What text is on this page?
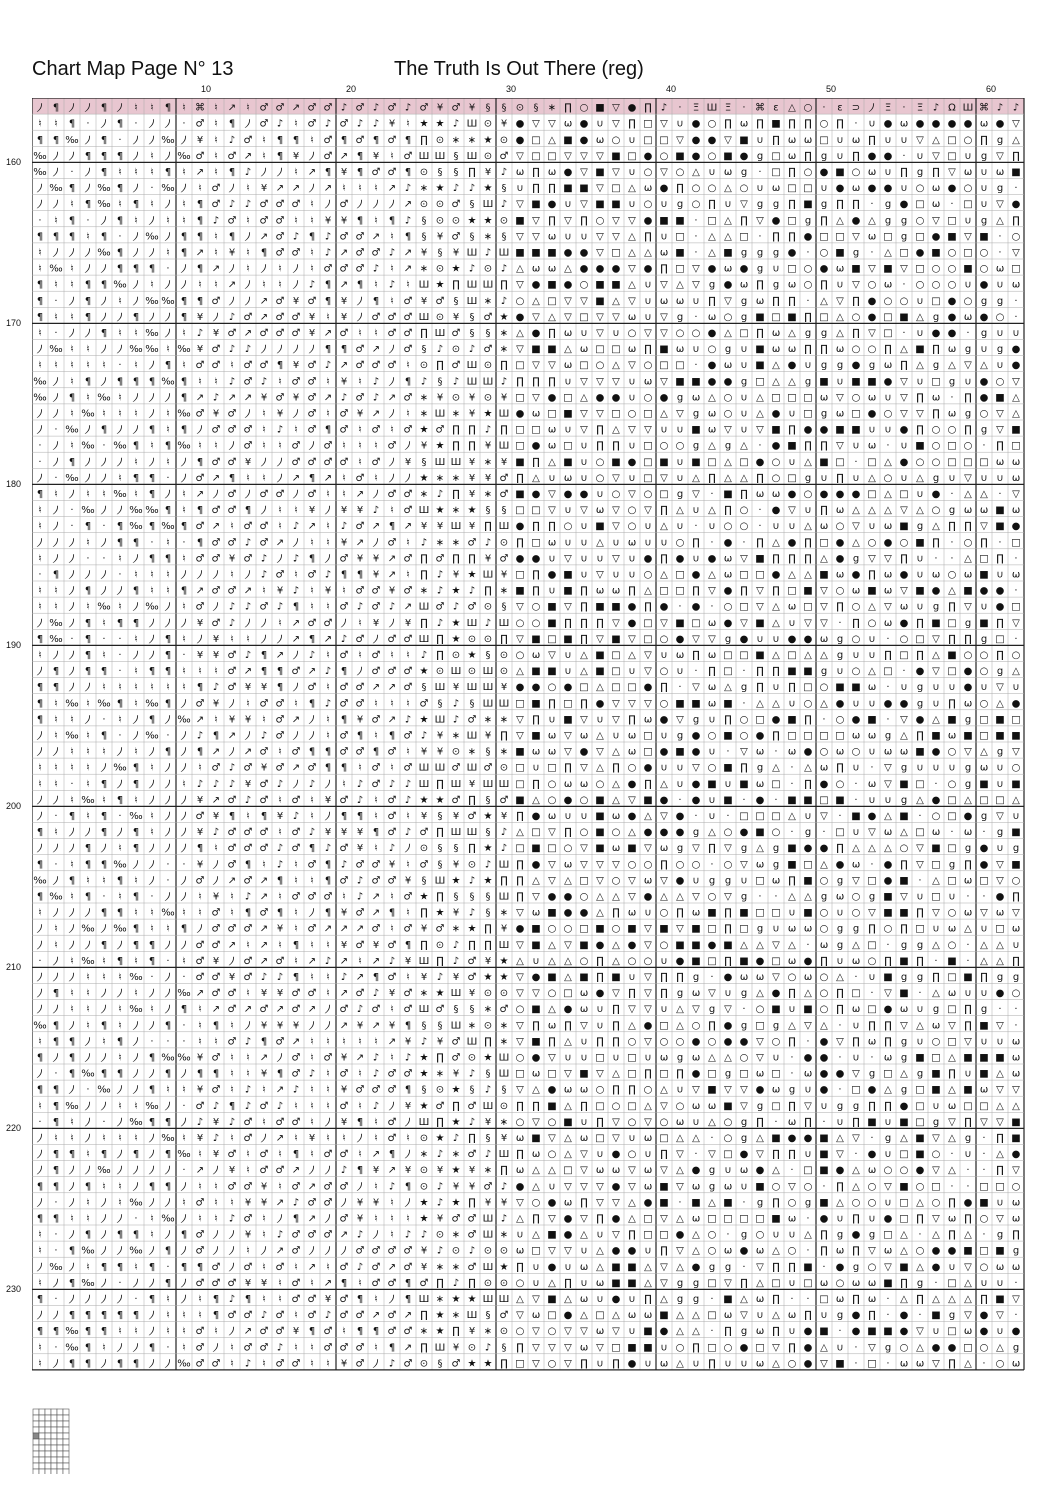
Chart Map Page N° 13	The Truth Is Out There (reg)
10	20	30	40	50	60
160
170
180
190
200
210
220
230
⵰ ¶ ⵰ ⵰ ¶ ⵰ ♮ ♮ ¶ ♮ ⌘ ♮ ↗ ♮ ♂ ♂ ↗ ♂ ♂ ♪ ♂ ♪ ♂ ♪ ♂ ¥ ♂ ¥ § § ⊙ § ∗ ∏ ○ ■ ▽ ● ∏ ♪ · Ξ Ш Ξ · ⌘ ε △ ○ · ε ⊃ ⵰ Ξ · Ξ ♪ Ω Ш ⌘ ♪ ♪
♮ ♮ ¶ · ⵰ ¶ · ⵰ ⵰ · ♂ ♮ ¶ ⵰ ♂ ♪ ♮ ♂ ♪ ♂ ♪ ♪ ¥ ♮ ★ ★ ♪ Ш ⊙ ¥ ● ▽ ▽ ω ● ∪ ▽ ∏ □ ▽ ∪ ● ○ ∏ ω ∏ ■ ∏ ∏ ○ ∏ · ∪ ● ω ● ● ● ● ω ● ▽
¶ ¶ ‰ ⵰ ¶ · ⵰ ⵰ ‰ ⵰ ¥ ♮ ♪ ♂ ♮ ¶ ¶ ♮ ♂ ¶ ♂ ¶ ♂ ¶ ∏ ⊙ ∗ ∗ ★ ⊙ ● □ △ ■ ● ω ○ ∪ □ □ ▽ ● ● ▽ ■ ∪ ∏ ω ω □ ∪ ω ∏ ∪ ∪ ▽ △ □ ○ ∏ g △
‰ ⵰ ⵰ ¶ ¶ ¶ ⵰ ♮ ⵰ ‰ ♂ ♮ ♂ ↗ ♮ ¶ ¥ ⵰ ♂ ↗ ¶ ¥ ♮ ♂ Ш Ш § Ш ⊙ ♂ ▽ □ □ ▽ ▽ ▽ ■ □ ● ○ ■ ● ○ ■ ● g □ ω ∏ g ∪ ∏ ● ● · ∪ ▽ □ ∪ g ▽ ∏
‰ ⵰ · ⵰ ¶ ♮ ♮ ♮ ¶ ♮ ↗ ♮ ¶ ♪ ⵰ ⵰ ♮ ↗ ¶ ¥ ¶ ♂ ♂ ¶ ⊙ § § ∏ ¥ ♪ ω ∏ ω ● ▽ ■ ▽ ∪ ○ ▽ ○ △ ∪ ω g · □ ∏ ○ ● ■ ○ ω ∪ ∏ g ∏ ▽ ω ∪ ω ■
⵰ ‰ ¶ ⵰ ‰ ¶ ⵰ · ‰ ⵰ ♮ ♂ ⵰ ♮ ¥ ↗ ↗ ⵰ ↗ ♮ ♮ ♮ ↗ ♪ ∗ ★ ♪ ♪ ★ § ∪ ∏ ∏ ■ ■ ▽ □ △ ω ● ∏ ○ ○ △ ○ ∪ ω □ □ ∪ ● ω ● ● ∪ ○ ω ● ○ ∪ g ·
⵰ ⵰ ♮ ¶ ‰ ♮ ¶ ♮ ⵰ ♮ ¶ ♂ ♪ ♪ ♂ ♂ ♂ ♮ ⵰ ♂ ⵰ ⵰ ⵰ ↗ ⊙ ⊙ ♂ § Ш ♪ ▽ ■ ● ∪ ▽ ■ ■ ∪ ○ ∪ g ○ ∏ ∪ ▽ g g ∏ ■ g ∏ ∏ · g ● □ ω · □ ∪ ▽ ●
· ♮ ¶ · ⵰ ¶ ♮ ⵰ ♮ ♮ ¶ ♪ ♂ ♮ ♂ ♂ ♮ ♮ ¥ ¥ ¶ ♮ ¶ ♪ § ⊙ ⊙ ★ ★ ⊙ ■ ▽ ∏ ▽ ∏ ○ ▽ ▽ ● ■ ■ · □ △ ∏ ▽ ● □ g ∏ △ ● △ g g ○ ▽ □ ∪ g △ ∏
¶ ¶ ¶ ♮ ¶ · ⵰ ‰ ⵰ ¶ ¶ ♮ ¶ ⵰ ↗ ♂ ♪ ¶ ♪ ♂ ♂ ↗ ♮ ¶ § ¥ ♂ § ∗ § ▽ ▽ ω ∪ ∪ ▽ ▽ △ ∏ ∪ □ · △ △ □ · ∏ ∏ ● □ □ ▽ ω □ g □ ● ■ ▽ ■ · ○
♮ ⵰ ⵰ ⵰ ‰ ¶ ⵰ ⵰ ♮ ¶ ↗ ♮ ¥ ♮ ¶ ♂ ♂ ♮ ♪ ↗ ♂ ♂ ♪ ↗ ¥ § ¥ Ш ♪ Ш ■ ■ ■ ● ● ▽ □ △ △ ω ■ · △ ■ g g g ● · ○ ■ g · △ □ ● ■ ○ □ ○ · ▽
♮ ‰ ♮ ⵰ ⵰ ¶ ¶ ¶ · ⵰ ¶ ↗ ⵰ ♮ ⵰ ♮ ⵰ ♮ ♂ ♂ ♂ ♪ ♮ ↗ ∗ ⊙ ★ ♪ ⊙ ♪ △ ω ω △ ● ● ● ▽ ● ∏ □ ▽ ● ω ● g ∪ □ ○ ● ω ■ ▽ ■ ▽ □ ○ ○ ■ ○ ω □
¶ ♮ ♮ ¶ ¶ ‰ ⵰ ♮ ⵰ ⵰ ♮ ♮ ↗ ⵰ ♮ ♮ ⵰ ♪ ¶ ↗ ¶ ♮ ♪ ♮ Ш ★ ∏ Ш Ш ∏ ▽ ● ■ ● ○ ■ ■ △ ∪ ▽ △ ▽ g ● ω ∏ g ω ○ ∏ ∪ ▽ ○ ω · ○ ○ ○ ∪ ● ∪ ω
¶ · ⵰ ¶ ⵰ ♮ ⵰ ‰ ‰ ¶ ¶ ♂ ⵰ ⵰ ↗ ♂ ¥ ♂ ¶ ¥ ⵰ ¶ ♮ ♂ ¥ ♂ § Ш ∗ ♪ ○ △ □ ▽ ▽ ■ △ ▽ ∪ ω ω ∪ ∏ ▽ g ω ∏ ∏ · △ ▽ ∏ ● ○ ○ ∪ □ ● ○ g g ·
¶ ♮ ♮ ¶ ⵰ ⵰ ¶ ⵰ ⵰ ¶ ¥ ⵰ ♪ ♂ ↗ ♂ ♂ ¥ ♮ ¥ ⵰ ♂ ♂ ♂ Ш ⊙ ¥ § ♂ ★ ● ▽ △ ▽ □ ▽ ▽ ω ∪ ▽ g · ω ○ g ■ □ ■ ∏ □ △ ○ ● □ ■ △ g ● ω ● ○ ·
♮ · ⵰ ⵰ ¶ ♮ ♮ ‰ ⵰ ♮ ♪ ¥ ♂ ↗ ♂ ♂ ♂ ¥ ↗ ♂ ♮ ♮ ♂ ♂ ∏ Ш ♂ § § ∗ △ ● ∏ ω ∪ ▽ ∪ ○ ▽ ▽ ○ ○ ● △ □ ∏ ω △ g g △ ∏ ▽ □ · ∪ ● ● · g ∪ ∪
⵰ ‰ ♮ ♮ ⵰ ⵰ ‰ ‰ ♮ ‰ ¥ ♂ ♪ ♪ ⵰ ⵰ ⵰ ⵰ ¶ ¶ ♂ ↗ ⵰ ♂ § ♪ ⊙ ♪ ♂ ∗ ▽ ■ ■ △ ω □ □ ω ∏ ■ ω ∪ ○ g ∪ ■ ω ω ∏ ∏ ω ○ ○ ∏ △ ■ ∏ ω g ∪ g ●
♮ ♮ ♮ ♮ ♮ · ♮ ⵰ ¶ ♮ ♂ ♂ ♮ ♂ ♂ ¶ ¥ ♂ ♪ ↗ ♂ ♂ ♂ ♮ ⊙ ∏ ♂ Ш ⊙ ∏ □ ▽ ▽ ω □ ○ △ ▽ ○ □ □ · ● ω ∪ ■ △ ● ∪ g g ● g ω ∏ △ g △ ▽ △ ∪ ●
‰ ⵰ ♮ ¶ ⵰ ¶ ¶ ¶ ‰ ¶ ♮ ♮ ♪ ♂ ♪ ♮ ♂ ♂ ♮ ¥ ♮ ♪ ⵰ ¶ ♪ § ♪ Ш Ш ♪ ∏ ∏ ∏ ∪ ▽ ▽ ▽ ∪ ω ▽ ■ ■ ● ● g □ △ △ g ■ ∪ ■ ■ ● ▽ ∪ □ g ∪ ● ○ ▽
‰ ⵰ ¶ ♮ ‰ ♮ ⵰ ⵰ ⵰ ¶ ↗ ♪ ↗ ↗ ¥ ♂ ¥ ♂ ↗ ♪ ♂ ♪ ↗ ♂ ∗ ¥ ⊙ ¥ ⊙ ¥ □ ▽ ● □ △ ● ● ∪ ○ ● g ω △ ○ ∪ △ □ □ □ ω ▽ ○ ω ∪ ▽ ∏ ω · ∏ ● ■ △
⵰ ⵰ ♮ ‰ ♮ ♮ ♮ ⵰ ♮ ‰ ♂ ¥ ♂ ⵰ ♮ ¥ ⵰ ♂ ♮ ♂ ¥ ↗ ⵰ ♮ ∗ Ш ∗ ¥ ★ Ш ● ω □ ■ ▽ ▽ □ ○ □ △ ▽ g ω ○ ∪ △ ● ∪ □ g ω □ ● ○ ▽ ▽ ∏ ω g ○ ▽ △
⵰ · ‰ ⵰ ¶ ⵰ ⵰ ¶ ♮ ¶ ⵰ ♂ ♂ ♂ ♮ ♪ ♮ ♂ ¶ ♂ ♮ ♂ ♮ ♂ ★ ♂ ∏ ∏ ♪ ∏ □ □ ω ∪ ▽ ∏ △ ▽ ▽ ∪ ∪ ■ ω ▽ ∪ ▽ ■ ∏ ● ● ■ ■ ∪ ∪ ● ∏ ○ ○ ∏ g ▽ ■
· ⵰ ♮ ‰ · ‰ ¶ ♮ ¶ ‰ ♮ ♮ ⵰ ♂ ♮ ♮ ♂ ⵰ ♂ ♮ ♮ ♮ ♂ ⵰ ¥ ★ ∏ ∏ ¥ Ш □ ● ω □ ∪ ∏ ∏ ∪ □ ○ ○ g △ g △ · ● ■ ∏ ∏ ▽ ∪ ω · ∪ ■ ○ □ ○ · ∏ □
· ⵰ ¶ ⵰ ⵰ ⵰ ♮ ⵰ ♮ ⵰ ¶ ♂ ♂ ¥ ⵰ ⵰ ♂ ♂ ♂ ♂ ♮ ♂ ⵰ ¥ § Ш Ш ¥ ∗ ¥ ■ ∏ △ ■ ∪ ○ ■ ● □ ■ ∪ ■ □ △ □ ● ○ ∪ △ ■ □ · □ △ ● ○ ○ □ □ □ ω ω
⵰ · ‰ ⵰ ⵰ ♮ ¶ ¶ · ⵰ ♂ ↗ ¶ ♮ ♮ ⵰ ↗ ¶ ↗ ♮ ♂ ♮ ⵰ ⵰ ★ ∗ ∗ ¥ ¥ ♂ ∏ △ ∪ ω ∪ ○ ▽ ∪ □ ▽ ∪ △ ∏ △ △ ∏ ○ □ g ∪ ∏ ∪ △ ○ ∪ △ g ∪ ▽ ∪ ∪ ω
¶ ♮ ⵰ ♮ ♮ ‰ ♮ ¶ ⵰ ♮ ↗ ⵰ ♂ ⵰ ♂ ♂ ⵰ ♂ ♮ ♮ ↗ ⵰ ♂ ♂ ∗ ♪ ∏ ¥ ∗ ♂ ■ ● ▽ ● ● ∪ ○ ▽ ○ □ g ▽ · ■ ∏ ω ω ● ○ ● ● ● □ △ □ ∪ ● · △ △ · ▽
♮ ⵰ · ‰ ⵰ ⵰ ‰ ‰ ¶ ♮ ¶ ♂ ♂ ¶ ⵰ ♮ ♮ ¥ ⵰ ¥ ¥ ♪ ♮ ♂ Ш ★ ∗ ★ § § □ □ ▽ ∪ ▽ ω ▽ ○ ▽ ∏ △ ∪ △ ∏ ○ · ● ▽ ∪ ∏ ω △ △ △ ▽ △ ○ g ω ω ■ ω
♮ ⵰ · ¶ · ¶ ‰ ¶ ‰ ¶ ♂ ↗ ♮ ♂ ♂ ♮ ♪ ↗ ♮ ♪ ♂ ↗ ¶ ↗ ¥ ¥ Ш ¥ ∏ Ш ● ∏ ∏ ○ ∪ ■ ▽ ○ ∪ △ ∪ · ∪ ○ ○ · ∪ ∪ △ ω ○ ▽ ∪ ω ■ g △ ∏ ∏ ▽ ■ ●
⵰ ⵰ ⵰ ♮ ⵰ ¶ ¶ · ♮ · ¶ ♂ ♂ ♪ ♂ ↗ ⵰ ♮ ♮ ¥ ↗ ⵰ ♂ ♮ ♪ ∗ ∗ ♂ ♪ ⊙ ∏ □ ω ∪ ∪ △ ∪ ω ∪ ∪ ○ ∏ · ● · ∏ △ ● ∏ □ ● △ ○ ● ○ ■ ∏ · ○ ∏ · □
♮ ⵰ ⵰ · · ♮ ⵰ ¶ ¶ ♮ ♂ ♂ ¥ ♂ ♪ ⵰ ♪ ¶ ⵰ ♂ ¥ ¥ ↗ ♂ ∏ ♂ ∏ ∏ ¥ ♂ ● ● ∪ ▽ ∪ ∪ ▽ ∪ ● ∏ ● ∪ ● ω ▽ ■ ∏ ∏ ∏ △ ● g ▽ ▽ ∏ ∪ · · △ □ ∏ ·
· ¶ ⵰ ⵰ ⵰ · ♮ ♮ ♮ ⵰ ⵰ ⵰ ♮ ⵰ ♪ ♂ ♮ ♂ ♪ ¶ ¶ ¥ ↗ ♮ ∏ ♪ ¥ ★ Ш ¥ □ ∏ ● ■ ∪ ▽ ∪ ∪ ○ △ □ ● △ ω □ □ ● △ △ ■ ω ● ∏ ω ● ∪ ω ○ ω ■ ∪ ω
♮ ♮ ⵰ ¶ ⵰ ⵰ ¶ ♮ ♮ ¶ ↗ ♂ ♂ ↗ ♮ ¥ ♪ ♮ ¥ ♮ ♂ ♂ ¥ ♂ ∗ ♪ ★ ♪ ∏ ∗ ■ ∏ ∪ ■ ∏ ω ω ∏ △ □ □ ∏ ▽ ● ∏ ▽ ∏ □ ■ ▽ ○ ω ■ ω ▽ ■ ● △ ■ ● ● ·
♮ ♮ ⵰ ♮ ‰ ♮ ⵰ ‰ ⵰ ♮ ♂ ⵰ ♪ ♪ ♂ ♪ ¶ ♮ ♮ ♂ ♪ ♂ ♪ ↗ Ш ♂ ♪ ♂ ⊙ § ▽ ○ ■ ▽ ∏ ■ ■ ● ∏ ● · ● · ○ □ ▽ △ ω □ ▽ ∏ ○ △ ▽ ω ∪ g ∏ ▽ ∪ ● □
⵰ ‰ ⵰ ¶ ♮ ¶ ¶ ⵰ ⵰ ⵰ ¥ ♂ ♪ ⵰ ⵰ ♮ ↗ ♂ ♂ ⵰ ♮ ¥ ⵰ ¥ ∏ ♪ ★ Ш ♪ Ш ○ ○ ■ ∏ ∏ ∏ ▽ ● □ ▽ ■ □ ω ● ▽ ■ △ ∪ ▽ ▽ · ∏ ○ ω ● ∏ ■ □ g ■ ∏ ▽
¶ ‰ · ¶ · · ♮ ⵰ ¶ ♮ ⵰ ¥ ♮ ♮ ⵰ ⵰ ↗ ¶ ↗ ♪ ♂ ⵰ ♂ ♂ Ш ∏ ★ ⊙ ⊙ ∏ ▽ ■ □ ■ ∏ ▽ ■ ▽ □ ○ ● ▽ ▽ g ● ∪ ∪ ● ● ω g ○ ∪ · ○ □ ▽ ∏ ∏ g □ ·
♮ ⵰ ⵰ ¶ ♮ · ⵰ ⵰ ¶ · ¥ ¥ ♂ ♪ ¶ ↗ ⵰ ♪ ♮ ♂ ♮ ♂ ♮ ♮ ♪ ∏ ⊙ ★ § ⊙ ○ ω ▽ ∪ △ ■ □ △ ▽ ∪ ω ∏ ω □ □ ■ △ □ △ △ g ∪ ∪ ∏ □ ∏ △ ■ ○ ○ ∏ ○
⵰ ¶ ⵰ ¶ ¶ · ♮ ¶ ¶ ♮ ♮ ♮ ♂ ↗ ¶ ¶ ♂ ↗ ♪ ¶ ⵰ ♂ ♂ ♂ ★ ⊙ Ш ⊙ Ш ⊙ △ ■ ■ ∪ △ ■ □ ∪ ▽ ○ ∪ · ∏ □ · ∏ ∏ ■ ■ g ∪ ○ △ □ · ● ▽ □ ● ○ g △
¶ ¶ ⵰ ⵰ ♮ ♮ ♮ ♮ ♮ ♮ ¶ ♪ ♂ ¥ ¥ ¶ ⵰ ♂ ♮ ♂ ♂ ↗ ↗ ♂ § Ш ¥ Ш Ш ¥ ● ● ○ ● □ △ □ □ ● ∏ · ▽ ω △ g ∏ ∪ ∏ □ ○ ■ ■ ω · ∪ g ∪ ∪ ● ∪ ▽ ∪
¶ ♮ ‰ ♮ ‰ ¶ ♮ ‰ ¶ ⵰ ♂ ¥ ⵰ ♮ ♂ ♂ ♮ ¶ ♪ ♂ ♂ ♮ ♮ ♮ ♂ § ♪ § Ш Ш □ ■ ∏ □ ∏ ● ▽ ▽ ▽ ○ ■ ■ ω ■ · △ △ ∪ ○ △ ● ∪ ∪ ● ● g ∪ ∏ ω ○ △ ●
¶ ♮ ♮ ⵰ · ♮ ⵰ ¶ ⵰ ‰ ↗ ♮ ¥ ¥ ♮ ♂ ↗ ⵰ ♮ ¶ ¥ ♂ ↗ ♪ ★ Ш ♪ ♂ ∗ ∗ ▽ ∏ ∪ ■ ▽ ∪ ▽ ∏ ω ● ▽ g ∪ ∏ ○ □ ● ■ ∏ · ○ ● ■ · ▽ ● △ ■ g □ ■ □
⵰ ♮ ‰ ♮ ¶ · ⵰ ‰ · ⵰ ♪ ¶ ↗ ⵰ ♪ ♂ ⵰ ⵰ ♮ ♂ ¶ ♮ ¶ ♂ ♪ ¥ ∗ Ш ¥ ∏ ▽ ■ ω ▽ ω △ ∪ ω □ ∪ g ● ○ ■ ○ ● ∏ □ □ □ □ ω ω g △ ∏ ■ ω ■ □ ■ ■
⵰ ⵰ ♮ ♮ ♮ ⵰ ♮ ⵰ ¶ ⵰ ¶ ↗ ⵰ ↗ ♂ ♮ ♂ ¶ ¶ ♂ ♂ ¶ ♂ ♮ ¥ ¥ ⊙ ∗ § ∗ ■ ω ω ▽ ● ▽ △ ω □ ● ■ ● ∪ · ▽ ω · ω ● ○ ω ○ ∪ ω ω ■ ● ○ ▽ △ g ▽
♮ ♮ ♮ ♮ ⵰ ‰ ¶ ♮ ⵰ ⵰ ♮ ♂ ♪ ♂ ¥ ♂ ↗ ♂ ¶ ¶ ♮ ♂ ♮ ♂ Ш Ш ♂ Ш ♂ ⊙ □ ∪ □ ∏ ▽ △ ∏ ○ ● ∪ ∪ ▽ ○ ■ ∏ g △ · △ ω ∏ ∪ · ▽ g ∪ ∪ ∪ g ω ∪ ○
♮ ♮ · ♮ ¶ ⵰ ¶ ⵰ ⵰ ♮ ♪ ♪ ♪ ¥ ♂ ♪ ⵰ ♪ ⵰ ♮ ♪ ♂ ♪ ♪ Ш ∏ Ш ¥ Ш Ш □ ∏ ○ ω ω ○ △ ● ∏ △ ∪ ● ■ ∪ ■ ω □ · ∏ ● ○ · ω ▽ ■ □ · ○ g ■ ∪ ■
⵰ ⵰ ♮ ‰ ♮ ¶ ♮ ⵰ ⵰ ⵰ ¥ ↗ ♂ ♪ ♂ ♮ ♂ ♮ ¥ ♂ ♪ ♮ ♂ ♪ ★ ★ ♂ ∏ § ♂ ■ △ ○ ● ○ ■ △ ▽ ■ ● · ● ∪ ■ · ● · ■ ■ □ ■ · ∪ ∪ g △ ● □ △ □ □ △
⵰ · ¶ ♮ ¶ · ‰ ♮ ⵰ ⵰ ♂ ¥ ¶ ♮ ¶ ¥ ♪ ♮ ⵰ ¶ ¶ ♮ ♂ ♮ ¥ § ¥ ♂ ★ ¥ ∏ ● ω ∪ ∪ ■ ω ● △ ▽ ● · ∪ · □ □ □ △ ∪ ▽ · ■ ● △ ■ · ○ □ ● g ▽ ∪
¶ ♮ ⵰ ⵰ ¶ ⵰ ¶ ♮ ⵰ ⵰ ¥ ♪ ♂ ♂ ♂ ♮ ♂ ♪ ¥ ¥ ¥ ¶ ♂ ♪ ♂ ∏ Ш Ш § ♪ △ □ ▽ ∏ ○ ■ ○ △ ● ● ● g △ ○ ● ■ ○ · g · □ ∪ ▽ ω △ □ ω · ω · g ■
⵰ ⵰ ⵰ ¶ ⵰ ♮ ¶ ⵰ ⵰ ⵰ ¶ ♮ ♂ ♂ ♂ ♪ ♂ ¶ ♪ ♂ ¥ ♮ ♪ ⵰ ⊙ § § ∏ ★ ♪ □ ■ □ ○ ▽ ■ ω ■ ▽ ω g ▽ ∏ ▽ g △ g ■ ● ● ∏ △ △ △ ○ ▽ ■ □ g ● ∪ g
¶ · ♮ ¶ ¶ ‰ ⵰ ⵰ · · ¥ ⵰ ♂ ¶ ♮ ♪ ♮ ♂ ¶ ♪ ♂ ♂ ¥ ♮ ♂ § ¥ ⊙ ♪ Ш ∏ ● ▽ ω ▽ ▽ ▽ ○ ○ ∏ ○ ○ · ○ ▽ ω g ■ □ △ ● ω · ● ∏ ▽ □ g ∏ ● ▽ ■
‰ ⵰ ¶ ♮ ♮ ¶ ♮ ⵰ · ⵰ ♂ ⵰ ↗ ♂ ↗ ¶ ♮ ♮ ¶ ♂ ♪ ♂ ♂ ¥ § Ш ★ ♪ ★ ∏ ∏ △ ▽ △ □ ▽ ○ ▽ ω ▽ ● ∪ g g ∪ □ ω ∏ ■ ○ g ▽ □ ● ■ · △ □ ω □ ▽ ○
¶ ‰ ♮ ¶ · ♮ ¶ · ⵰ ⵰ ♮ ¥ ♮ ♪ ↗ ♮ ♂ ♂ ♂ ♮ ♪ ↗ ♮ ♂ ★ ∏ § § § Ш ∏ ▽ ● ● ○ △ △ ▽ ● △ △ ▽ ○ ▽ g · · △ △ g ω ○ g ■ ▽ ∪ □ ∪ · · ● ∏
♮ ⵰ ⵰ ⵰ ¶ ¶ ♮ ♮ ‰ ♮ ♮ ♂ ♮ ¶ ♂ ¶ ♮ ⵰ ¶ ¥ ♂ ↗ ¶ ♮ ∏ ★ ¥ ♪ § ∗ ▽ ω ■ ● ● △ ∏ ω ∪ ○ ∏ ω ■ ∏ ■ □ □ ∪ ■ ○ ∪ ○ ▽ ■ ■ ∏ ▽ ○ ω ▽ ω ▽
⵰ ♮ ⵰ ‰ ⵰ ‰ ¶ ♮ ♮ ¶ ⵰ ♂ ♂ ♂ ↗ ¥ ♮ ♂ ↗ ↗ ↗ ♂ ♮ ♂ ¥ ♂ ∗ ★ ∏ ¥ ● ■ ○ ○ □ ■ ○ ■ ▽ ■ ▽ ■ □ ∏ □ g ∪ ω ω ○ g g ∏ ○ ∏ □ ∪ ω △ ∪ □ ω
⵰ ♮ ⵰ ⵰ ¶ ⵰ ¶ ¶ ⵰ ⵰ ♂ ♂ ↗ ♮ ↗ ♮ ¶ ♮ ♮ ¥ ♂ ¥ ♂ ¶ ∏ ⊙ ♪ ∏ ∏ Ш ▽ ■ △ ▽ ■ ● △ ● ▽ ○ ■ ■ ● ■ △ △ ▽ △ · ω g △ □ · g g △ ○ · △ △ ∪
· ⵰ ♮ ‰ ♮ ¶ ♮ ¶ · ♮ ♂ ¥ ⵰ ♂ ↗ ♂ ♮ ↗ ♪ ↗ ♮ ↗ ♪ ¥ Ш ∏ ♪ ♂ ¥ ★ △ ∪ △ △ ○ ∏ △ ○ ○ ∪ ● ■ □ ∏ ■ ● □ ω ● ∏ ∪ ω ○ ∏ ■ ∏ · ■ · △ △ ∏
⵰ ⵰ ⵰ ♮ ♮ ♮ ‰ · ⵰ · ♂ ♂ ¥ ♂ ♪ ♪ ¶ ♮ ♮ ♪ ↗ ¶ ♂ ♮ ¥ ♪ ¥ ♂ ★ ★ ▽ ● ■ △ ■ ∏ ■ ∪ ▽ ∏ ∏ g · ● ω ω ▽ ○ ω ○ △ · ∪ ■ g g ∏ □ ■ ∏ g g
⵰ ¶ ♮ ♮ ⵰ ⵰ ♮ ⵰ ⵰ ‰ ↗ ♂ ♂ ♮ ¥ ¥ ♂ ♂ ♮ ↗ ♂ ♪ ¥ ♂ ∗ ★ Ш ¥ ⊙ ⊙ ▽ ▽ ○ □ ω ● ▽ ∏ ▽ ∏ g ω ▽ ∪ g △ ● ∏ △ ○ ∏ □ · ▽ ■ · △ ω ∪ ∪ ● ○
⵰ ⵰ ♮ ♮ ⵰ ♮ ‰ ♮ ⵰ ¶ ♮ ↗ ♂ ↗ ♂ ↗ ♂ ↗ ⵰ ♂ ♪ ♂ ♮ ♂ Ш ♂ § § ∗ ♂ ○ ■ △ ● ω ∪ ∏ ▽ ▽ ∪ △ ▽ g ▽ · ○ ■ ∪ ■ ○ ∏ ω □ ● ω ∪ g □ ∏ g · ·
‰ ¶ ⵰ ♮ ¶ ♮ ⵰ ⵰ ¶ · ♮ ¶ ♮ ⵰ ¥ ¥ ¥ ⵰ ⵰ ↗ ¥ ↗ ¥ ¶ § § Ш ∗ ⊙ ∗ ▽ ∏ ω ∏ ▽ ∪ ∏ △ ● □ △ ○ ∏ ● g □ g △ ▽ △ · ∪ ∏ ∏ ▽ △ ω ▽ ∏ ■ ▽ ·
♮ ¶ ¶ ⵰ ♮ ¶ ⵰ · · · ♮ ♮ ♂ ♪ ¶ ♂ ↗ ♮ ♮ ♮ ♮ ♮ ↗ ¥ ♪ ¥ ♂ Ш ∏ ∗ ▽ ■ ∏ △ ∪ ∏ ∏ ○ ▽ ○ ○ ● ○ ● ● ▽ ○ ∏ · ● ▽ ∏ ω ∏ g ∪ ○ □ ▽ ∪ ∪ ω
¶ ⵰ ¶ ⵰ ⵰ ♮ ⵰ ¶ ‰ ‰ ¥ ♂ ♮ ♮ ↗ ⵰ ♂ ♮ ♂ ¥ ↗ ♪ ♮ ♪ ★ ∏ ♂ ⊙ ★ Ш ○ ● ▽ ∪ ∪ □ ∪ □ ∪ ω g ω △ △ ○ ▽ ∪ · ● ● · ∪ · ω g ■ □ △ ■ ■ ■ ω
⵰ · ¶ ‰ ¶ ¶ ⵰ ⵰ ¶ ⵰ ¶ ¶ ♮ ♮ ¥ ¶ ♂ ♪ ♮ ♂ ♮ ♪ ♂ ♂ ★ ∗ ¥ ♪ § Ш □ ω □ ▽ ■ ▽ △ □ ∏ □ ∏ ● □ g □ ω □ · ω ● ● ▽ g □ △ g ■ ∏ ∪ ■ △ ω
¶ ¶ ⵰ · ‰ ⵰ ⵰ ¶ ♮ ♮ ¥ ♂ ♮ ♪ ♮ ↗ ♪ ♮ ♮ ¥ ♂ ♂ ♂ ¶ § ⊙ ★ § ♪ § ▽ △ ● ω ω ○ ∏ ∏ ○ △ ∪ ▽ ■ ▽ ▽ ● ω g ∪ ● · □ ● △ g □ ■ △ ■ ω ▽ ▽
♮ ¶ ‰ ⵰ ⵰ ♮ ♮ ‰ ⵰ · ♂ ♪ ¶ ♪ ♂ ♪ ♮ ♮ ♮ ♂ ♮ ♪ ⵰ ¥ ★ ♂ ∏ ♂ Ш ⊙ ∏ ∏ ■ △ ∏ □ ○ □ △ ▽ ○ ω ω ■ ▽ g □ ∏ ▽ ∪ g g ∏ ∏ ● □ ∪ ω □ □ △ △
· ¶ ♮ ⵰ · ⵰ ‰ ¶ ¶ ⵰ ♪ ¥ ♪ ♂ ♮ ♂ ♂ ♮ ⵰ ¥ ¶ ♮ ♂ ⵰ Ш ∏ ★ ♪ ¥ ∗ ○ ▽ ○ ■ ∪ ∏ ▽ ○ ▽ ○ ω ∪ △ ○ g ∏ · ω ∏ · ∪ ∏ ■ ∪ ■ □ g ▽ ∏ ▽ ▽ ■
⵰ ♮ ♮ ⵰ ♮ ♮ ♮ ⵰ ‰ ♮ ¥ ♪ ♮ ♂ ⵰ ↗ ♮ ¥ ♮ ♮ ⵰ ♮ ♂ ♮ ⊙ ★ ♪ ∏ § ¥ ω ■ ▽ △ ω □ ▽ ∪ ω □ △ △ · ○ g △ ■ ● ● ■ △ ▽ · g △ ■ ▽ △ g · ∏ ■
⵰ ¶ ¶ ♮ ¶ ⵰ ¶ ⵰ ¶ ‰ ♮ ¥ ♂ ♮ ♂ ♮ ¶ ♮ ♂ ♂ ♮ ↗ ¶ ⵰ ∗ ♪ ∗ ♂ ♪ Ш ∏ ω ○ △ ▽ ∪ ● ○ ∪ ∏ ▽ · ▽ □ ● ▽ ∏ ∏ ∪ ■ ▽ · ● ∪ □ ■ ○ · ∪ · △ ●
⵰ ¶ ⵰ ⵰ ‰ ⵰ ⵰ ⵰ ⵰ · ↗ ⵰ ¥ ♮ ♂ ♂ ↗ ⵰ ⵰ ♪ ¶ ¥ ↗ ¥ ⊙ ¥ ★ ¥ ∗ ∏ ω △ △ □ ▽ ω ω ▽ ω ▽ △ ● g ∪ ω ● △ · □ ■ ● △ ω ○ ○ ● ▽ △ · · ∏ ▽
¶ ¶ ⵰ ¶ ♮ ♮ ⵰ ¶ ¶ ⵰ ♮ ♮ ♂ ♂ ¥ ♮ ♂ ↗ ♂ ♂ ⵰ ♮ ♪ ¶ ⊙ ♪ ¥ ¥ ♂ ♪ ● △ ∪ ▽ ▽ ▽ ● ▽ ω ■ ▽ ω g ω ∪ ■ ○ ▽ ○ · ∏ △ ○ ▽ ■ ○ □ · · □ □ ○
⵰ · ⵰ ♮ ⵰ ♮ ‰ ⵰ ⵰ ♮ ♂ ♮ ♮ ¥ ¥ ↗ ♪ ♂ ♂ ⵰ ¥ ¥ ♮ ⵰ ★ ♪ ★ ∏ ¥ ¥ ▽ ○ ● ω ∏ ▽ ▽ △ ● ■ · ■ △ ■ · g ∏ ○ g ■ △ ○ ○ ∪ □ △ ○ ∏ ● ■ ∪ ω
¶ ¶ ♮ ♮ ⵰ ⵰ · ♮ ‰ ⵰ ♮ ♮ ♪ ♂ ♮ ⵰ ¶ ↗ ⵰ ♂ ¥ ♮ ♮ ♮ ★ ¥ ♂ ♂ Ш ♪ △ ∏ ▽ ● ▽ ∏ ● △ □ ▽ △ ω □ □ □ □ ■ ω · ● ∪ ∏ ∪ ● □ ∏ ▽ ω ∏ ○ ▽ ω
♮ · ⵰ ¶ ⵰ ¶ ¶ ♮ ⵰ ¶ ♂ ⵰ ⵰ ¥ ♮ ♪ ♂ ♂ ♂ ↗ ♪ ⵰ ♮ ♪ ♪ ⊙ ∗ ♂ Ш ∗ ∪ △ ■ ● △ ∪ ▽ ∏ □ □ ● △ ○ · g ○ ∪ ∪ △ ∏ g ● g □ △ · △ ∏ △ · g ∏
♮ · ¶ ‰ ⵰ ⵰ ‰ ⵰ ¶ ⵰ ♂ ⵰ ⵰ ♮ ⵰ ↗ ♂ ⵰ ⵰ ⵰ ♂ ♂ ♂ ♂ ¥ ♪ ⊙ ♪ ⊙ ⊙ ω □ ▽ ▽ ∪ △ ● ● ∪ ∏ ▽ △ ○ ω ● ω △ ○ · ∏ ω ∏ ▽ ω △ ○ ● ● ■ □ ■ g
⵰ ‰ ⵰ ♮ ¶ ¶ ♮ ¶ · ¶ ¶ ♂ ⵰ ♂ ♮ ♂ ♮ ↗ ♮ ♂ ♪ ♂ ↗ ♂ ¥ ∗ ∗ ♂ Ш ★ ∏ ∪ ● ∪ ω △ ■ ■ △ ▽ △ ● g g · ▽ ∏ ∏ ■ · ● g ○ ▽ ■ △ ● ∪ ▽ ○ ω ω
♮ ⵰ ¶ ‰ ⵰ · ⵰ ⵰ ¶ ⵰ ♂ ♂ ♂ ¥ ¥ ♮ ♂ ♮ ↗ ¶ ♮ ♂ ♂ ¶ ♂ ∏ ♪ ∏ ⊙ ⊙ ○ ∪ △ ∏ ∪ ω ■ ■ △ ▽ g g □ ▽ ∏ △ □ ∪ □ ω ○ ω ω ■ ∏ g · □ △ ∪ ∪ ·
¶ · ⵰ ⵰ ⵰ ⵰ · ¶ ♮ ⵰ ♮ ¶ ♪ ¶ ♮ ♮ ♂ ♂ ¥ ♂ ¶ ♮ ⵰ ¶ Ш ∗ ★ ★ Ш Ш △ ▽ ■ △ ω ∪ ● ∪ ∏ △ g g · ■ △ ω ∏ · · □ ω ∏ ω · △ ∏ △ △ △ ∏ ■ ▽
⵰ ⵰ ¶ ¶ ¶ ¶ ¶ ⵰ ♮ ♮ ♮ ¶ ♂ ♂ ♪ ♂ ♮ ♂ ♪ ♂ ♂ ↗ ♂ ↗ ∏ ★ ∗ Ш § ♂ ▽ ω □ ● △ □ △ ω ω ■ △ △ □ ω ▽ ∪ △ ω ∏ ∪ g ● ∏ · ● · ■ g ▽ ● ▽ ·
¶ ¶ ‰ ¶ ¶ ♮ ♮ ⵰ ♮ ♮ ♂ ♮ ⵰ ↗ ♂ ♂ ¥ ¶ ♂ ♮ ¶ ¶ ♂ ♂ ∗ ★ ∏ ¥ ∗ ⊙ ○ ▽ ○ ▽ ▽ ω ▽ ∪ ■ ● △ △ · ∏ g ω ∏ ∪ ● ■ · ● ■ ■ ● ▽ ∪ □ ω ● ∪ ●
♮ · ‰ ¶ ♮ ⵰ ⵰ ¶ · ♮ ♂ ⵰ ♮ ♂ ♂ ♪ ♮ ♮ ♂ ♂ ♂ ♮ ¶ ↗ ∏ Ш ¥ ⊙ ♪ § ∏ ▽ ▽ ▽ ω ▽ □ ■ ■ ∪ ○ ∏ □ ○ ● □ ▽ ∏ ● △ ∪ · ▽ g ○ △ ● ● □ ○ △ g
♮ ⵰ ¶ ¶ ⵰ ¶ ¶ ⵰ ⵰ ‰ ♂ ♂ ♮ ♪ ♮ ♂ ♂ ♮ ♮ ¥ ♂ ⵰ ♪ ♂ ⊙ § ♂ ★ ★ ∏ □ ▽ ○ ▽ ∏ ∪ ∏ ● ∪ ω △ ∪ ∏ ∪ ∪ ω △ ○ ● ▽ ■ · □ · ω ω ▽ ∏ △ · ○ ω
